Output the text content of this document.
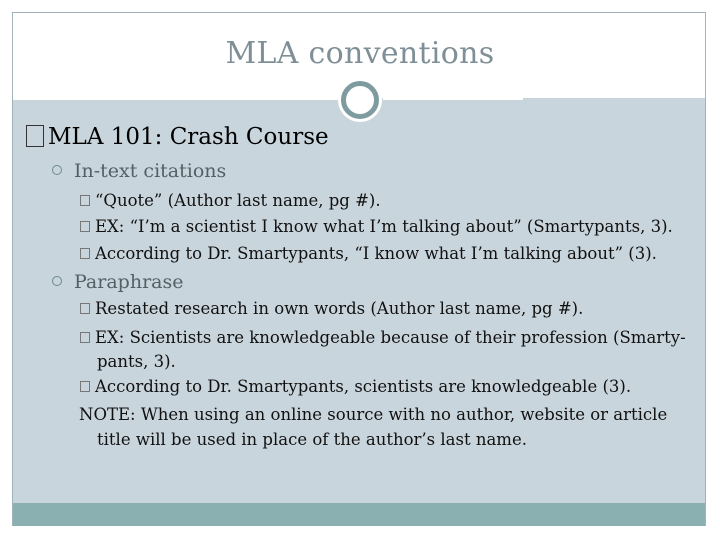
MLA conventions
MLA 101: Crash Course
In-text citations
“Quote” (Author last name, pg #).
EX: “I’m a scientist I know what I’m talking about” (Smartypants, 3).
According to Dr. Smartypants, “I know what I’m talking about” (3).
Paraphrase
Restated research in own words (Author last name, pg #).
EX: Scientists are knowledgeable because of their profession (Smarty-
pants, 3).
According to Dr. Smartypants, scientists are knowledgeable (3).
NOTE: When using an online source with no author, website or article
title will be used in place of the author’s last name.
